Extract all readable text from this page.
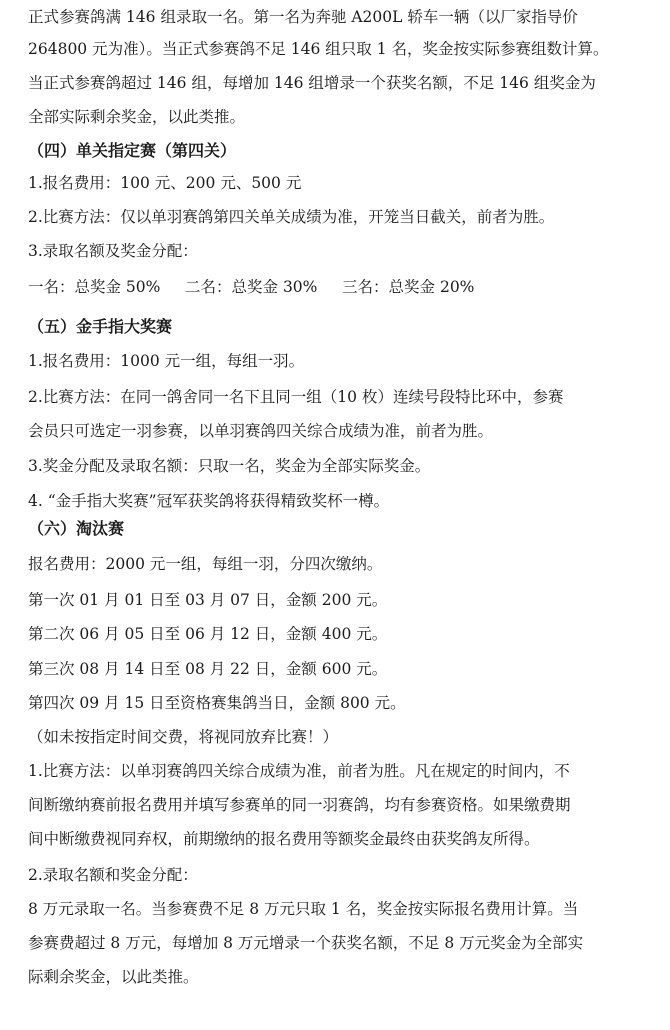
正式参赛鸽满 146 组录取一名。第一名为奔驰 A200L 轿车一辆（以厂家指导价
264800 元为准）。当正式参赛鸽不足 146 组只取 1 名，奖金按实际参赛组数计算。
当正式参赛鸽超过 146 组，每增加 146 组增录一个获奖名额，不足 146 组奖金为
全部实际剩余奖金，以此类推。
（四）单关指定赛（第四关）
1.报名费用：100 元、200 元、500 元
2.比赛方法：仅以单羽赛鸽第四关单关成绩为准，开笼当日截关，前者为胜。
3.录取名额及奖金分配：
一名：总奖金 50%     二名：总奖金 30%     三名：总奖金 20%
（五）金手指大奖赛
1.报名费用：1000 元一组，每组一羽。
2.比赛方法：在同一鸽舍同一名下且同一组（10 枚）连续号段特比环中，参赛
会员只可选定一羽参赛，以单羽赛鸽四关综合成绩为准，前者为胜。
3.奖金分配及录取名额：只取一名，奖金为全部实际奖金。
4. “金手指大奖赛”冠军获奖鸽将获得精致奖杯一樽。
（六）淘汰赛
报名费用：2000 元一组，每组一羽，分四次缴纳。
第一次 01 月 01 日至 03 月 07 日，金额 200 元。
第二次 06 月 05 日至 06 月 12 日，金额 400 元。
第三次 08 月 14 日至 08 月 22 日，金额 600 元。
第四次 09 月 15 日至资格赛集鸽当日，金额 800 元。
（如未按指定时间交费，将视同放弃比赛！）
1.比赛方法：以单羽赛鸽四关综合成绩为准，前者为胜。凡在规定的时间内，不
间断缴纳赛前报名费用并填写参赛单的同一羽赛鸽，均有参赛资格。如果缴费期
间中断缴费视同弃权，前期缴纳的报名费用等额奖金最终由获奖鸽友所得。
2.录取名额和奖金分配：
8 万元录取一名。当参赛费不足 8 万元只取 1 名，奖金按实际报名费用计算。当
参赛费超过 8 万元，每增加 8 万元增录一个获奖名额，不足 8 万元奖金为全部实
际剩余奖金，以此类推。
